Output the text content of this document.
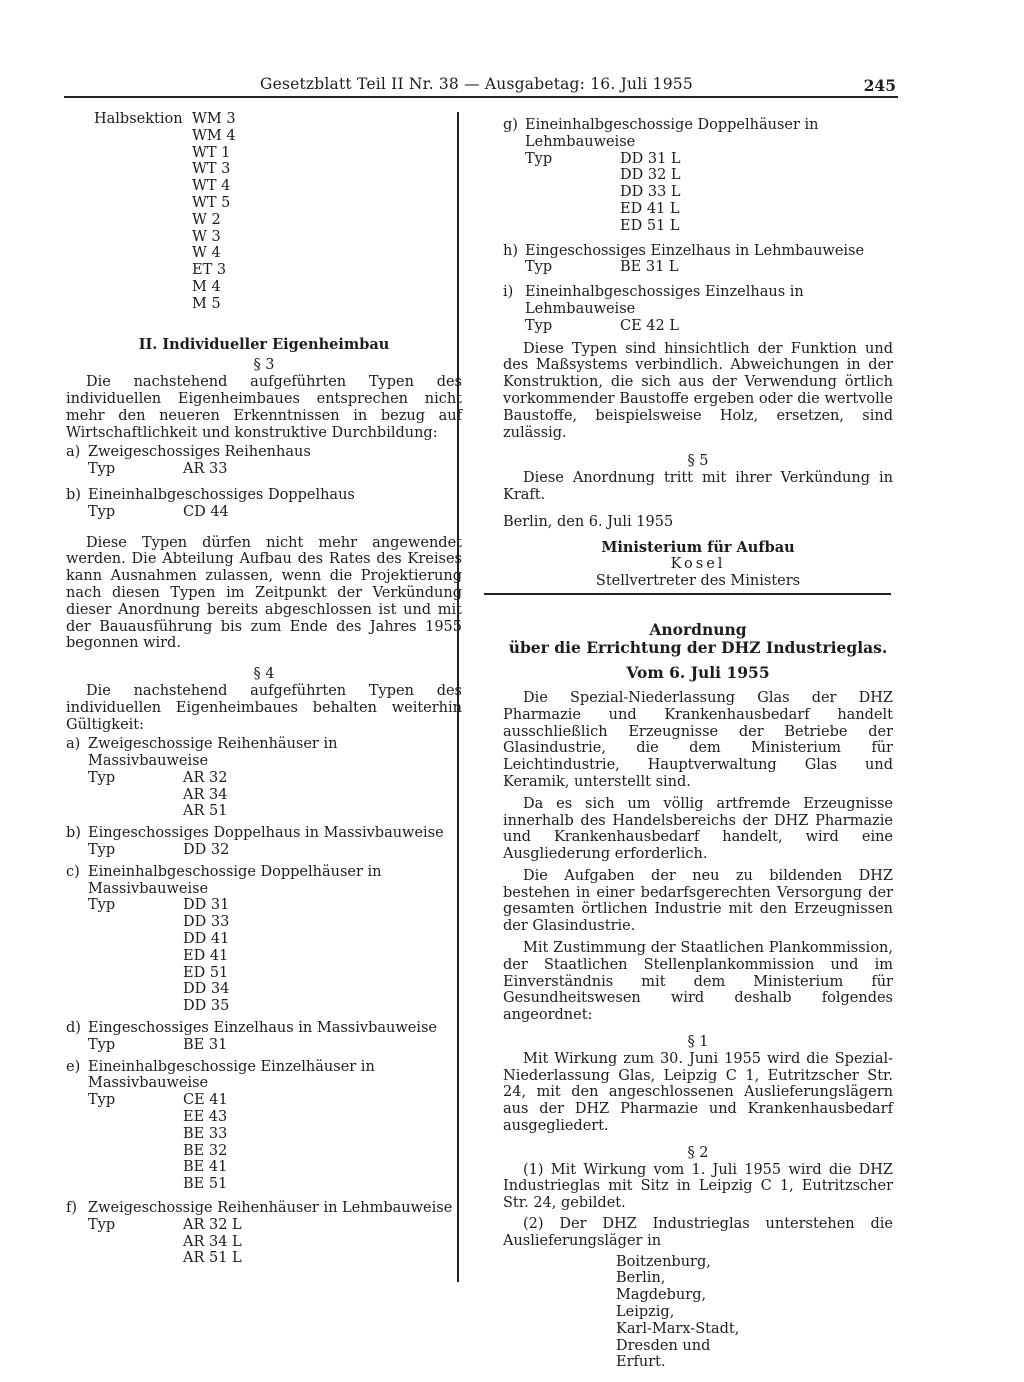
Gesetzblatt Teil II Nr. 38 — Ausgabetag: 16. Juli 1955	245
Halbsektion WM 3
WM 4
WT 1
WT 3
WT 4
WT 5
W 2
W 3
W 4
ET 3
M 4
M 5

II. Individueller Eigenheimbau

§ 3

Die nachstehend aufgeführten Typen des individuellen Eigenheimbaues entsprechen nicht mehr den neueren Erkenntnissen in bezug auf Wirtschaftlichkeit und konstruktive Durchbildung:

a) Zweigeschossiges Reihenhaus
Typ	AR 33
b) Eineinhalbgeschossiges Doppelhaus
Typ	CD 44

Diese Typen dürfen nicht mehr angewendet werden. Die Abteilung Aufbau des Rates des Kreises kann Ausnahmen zulassen, wenn die Projektierung nach diesen Typen im Zeitpunkt der Verkündung dieser Anordnung bereits abgeschlossen ist und mit der Bauausführung bis zum Ende des Jahres 1955 begonnen wird.

§ 4

Die nachstehend aufgeführten Typen des individuellen Eigenheimbaues behalten weiterhin Gültigkeit:

a) Zweigeschossige Reihenhäuser in Massivbauweise
Typ	AR 32
AR 34
AR 51
b) Eingeschossiges Doppelhaus in Massivbauweise
Typ	DD 32
c) Eineinhalbgeschossige Doppelhäuser in Massivbauweise
Typ	DD 31
DD 33
DD 41
ED 41
ED 51
DD 34
DD 35
d) Eingeschossiges Einzelhaus in Massivbauweise
Typ	BE 31
e) Eineinhalbgeschossige Einzelhäuser in Massivbauweise
Typ	CE 41
EE 43
BE 33
BE 32
BE 41
BE 51
f) Zweigeschossige Reihenhäuser in Lehmbauweise
Typ	AR 32 L
AR 34 L
AR 51 L
g) Eineinhalbgeschossige Doppelhäuser in Lehmbauweise
Typ	DD 31 L
DD 32 L
DD 33 L
ED 41 L
ED 51 L
h) Eingeschossiges Einzelhaus in Lehmbauweise
Typ	BE 31 L
i) Eineinhalbgeschossiges Einzelhaus in Lehmbauweise
Typ	CE 42 L

Diese Typen sind hinsichtlich der Funktion und des Maßsystems verbindlich. Abweichungen in der Konstruktion, die sich aus der Verwendung örtlich vorkommender Baustoffe ergeben oder die wertvolle Baustoffe, beispielsweise Holz, ersetzen, sind zulässig.

§ 5

Diese Anordnung tritt mit ihrer Verkündung in Kraft.

Berlin, den 6. Juli 1955

Ministerium für Aufbau

Kosel

Stellvertreter des Ministers

Anordnung

über die Errichtung der DHZ Industrieglas.

Vom 6. Juli 1955

Die Spezial-Niederlassung Glas der DHZ Pharmazie und Krankenhausbedarf handelt ausschließlich Erzeugnisse der Betriebe der Glasindustrie, die dem Ministerium für Leichtindustrie, Hauptverwaltung Glas und Keramik, unterstellt sind.

Da es sich um völlig artfremde Erzeugnisse innerhalb des Handelsbereichs der DHZ Pharmazie und Krankenhausbedarf handelt, wird eine Ausgliederung erforderlich.

Die Aufgaben der neu zu bildenden DHZ bestehen in einer bedarfsgerechten Versorgung der gesamten örtlichen Industrie mit den Erzeugnissen der Glasindustrie.

Mit Zustimmung der Staatlichen Plankommission, der Staatlichen Stellenplankommission und im Einverständnis mit dem Ministerium für Gesundheitswesen wird deshalb folgendes angeordnet:

§ 1

Mit Wirkung zum 30. Juni 1955 wird die Spezial-Niederlassung Glas, Leipzig C 1, Eutritzscher Str. 24, mit den angeschlossenen Auslieferungslägern aus der DHZ Pharmazie und Krankenhausbedarf ausgegliedert.

§ 2

(1) Mit Wirkung vom 1. Juli 1955 wird die DHZ Industrieglas mit Sitz in Leipzig C 1, Eutritzscher Str. 24, gebildet.

(2) Der DHZ Industrieglas unterstehen die Auslieferungsläger in

Boitzenburg,
Berlin,
Magdeburg,
Leipzig,
Karl-Marx-Stadt,
Dresden und
Erfurt.
